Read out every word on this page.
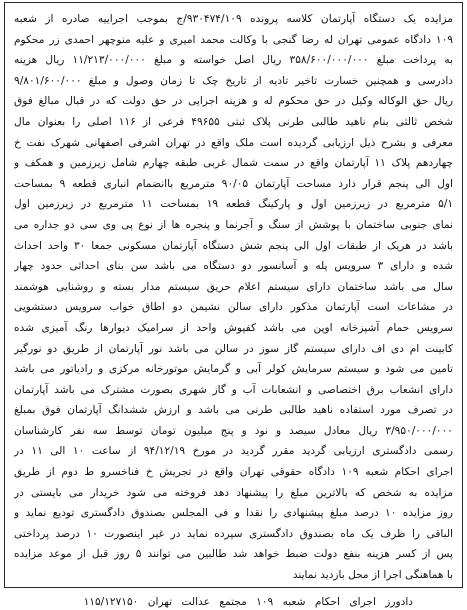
مزایده یک دستگاه آپارتمان کلاسه پرونده ۹۳۰۴۷۴/۱۰۹/ج بموجب اجراییه صادره از شعبه
۱۰۹ دادگاه عمومی تهران له رضا گنجی با وکالت محمد امیری و علیه منوچهر احمدی زر محکوم
به پرداخت مبلغ ۳۵۸/۶۰۰/۰۰۰/۰۰۰ ریال اصل خواسته و مبلغ ۱۱/۲۱۳/۰۰۰/۰۰۰ ریال هزینه
دادرسی و همچنین خسارت تاخیر تادیه از تاریخ چک تا زمان وصول و مبلغ ۹/۸۰۱/۶۰۰/۰۰۰
ریال حق الوکاله وکیل در حق محکوم له و هزینه اجرایی در حق دولت که در قبال مبالغ فوق
شخص ثالثی بنام ناهید طالبی طرنی پلاک ثبتی ۴۹۶۵۵ فرعی از ۱۱۶ اصلی را بعنوان مال
معرفی و بشرح ذیل ارزیابی گردیده است ملک واقع در تهران اشرفی اصفهانی شهرک نفت خ
چهاردهم پلاک ۱۱ آپارتمان واقع در سمت شمال غربی طبقه چهارم شامل زیرزمین و همکف و
اول الی پنجم قرار دارد مساحت آپارتمان ۹۰/۰۵ مترمربع باانضمام انباری قطعه ۹ بمساحت
۵/۱ مترمربع در زیرزمین اول و پارکینگ قطعه ۱۹ بمساحت ۱۱ مترمربع در زیرزمین اول
نمای جنوبی ساختمان با پوشش از سنگ و آجرنما و پنجره ها از نوع پی وی سی دو جداره می
باشد در هریک از طبقات اول الی پنجم شش دستگاه آپارتمان مسکونی جمعا ۳۰ واحد احداث
شده و دارای ۳ سرویس پله و آسانسور دو دستگاه می باشد سن بنای احداثی حدود چهار
سال می باشد ساختمان دارای سیستم اعلام حریق سیستم مدار بسته و روشنایی هوشمند
در مشاعات است آپارتمان مذکور دارای سالن نشیمن دو اطاق خواب سرویس دستشویی
سرویس حمام آشپزخانه اوپن می باشد کفپوش واحد از سرامیک دیوارها رنگ آمیزی شده
کابینت ام دی اف دارای سیستم گاز سوز در سالن می باشد نور آپارتمان از طریق دو نورگیر
تامین می شود و سیستم سرمایش کولر آبی و گرمایش موتورخانه مرکزی و رادیاتور می باشد
دارای انشعاب برق اختصاصی و انشعابات آب و گاز شهری بصورت مشترک می باشد آپارتمان
در تصرف مورد استفاده ناهید طالبی طرنی می باشد و ارزش ششدانگ آپارتمان فوق بمبلغ
۳/۹۵۰/۰۰۰/۰۰۰ ریال معادل سیصد و نود و پنج میلیون تومان توسط سه نفر کارشناسان
رسمی دادگستری ارزیابی گردید مقرر گردید در مورخ ۹۴/۱۲/۱۹ از ساعت ۱۰ الی ۱۱ در
اجرای احکام شعبه ۱۰۹ دادگاه حقوقی تهران واقع در تجریش خ فناخسرو ط دوم از طریق
مزایده به شخص که بالاترین مبلغ را پیشنهاد دهد فروخته می شود خریدار می بایستی در
روز مزایده ۱۰ درصد مبلغ پیشنهادی را نقدا و فی المجلس بصندوق دادگستری تودیع نماید و
الباقی را ظرف یک ماه بصندوق دادگستری سپرده نماید در غیر اینصورت ۱۰ درصد پرداختی
پس از کسر هزینه بنفع دولت ضبط خواهد شد طالبین می توانند ۵ روز قبل از موعد مزایده
با هماهنگی اجرا از محل بازدید نمایند
دادورز اجرای احکام شعبه ۱۰۹ مجتمع عدالت تهران ۱۱۵/۱۲۷۱۵۰
